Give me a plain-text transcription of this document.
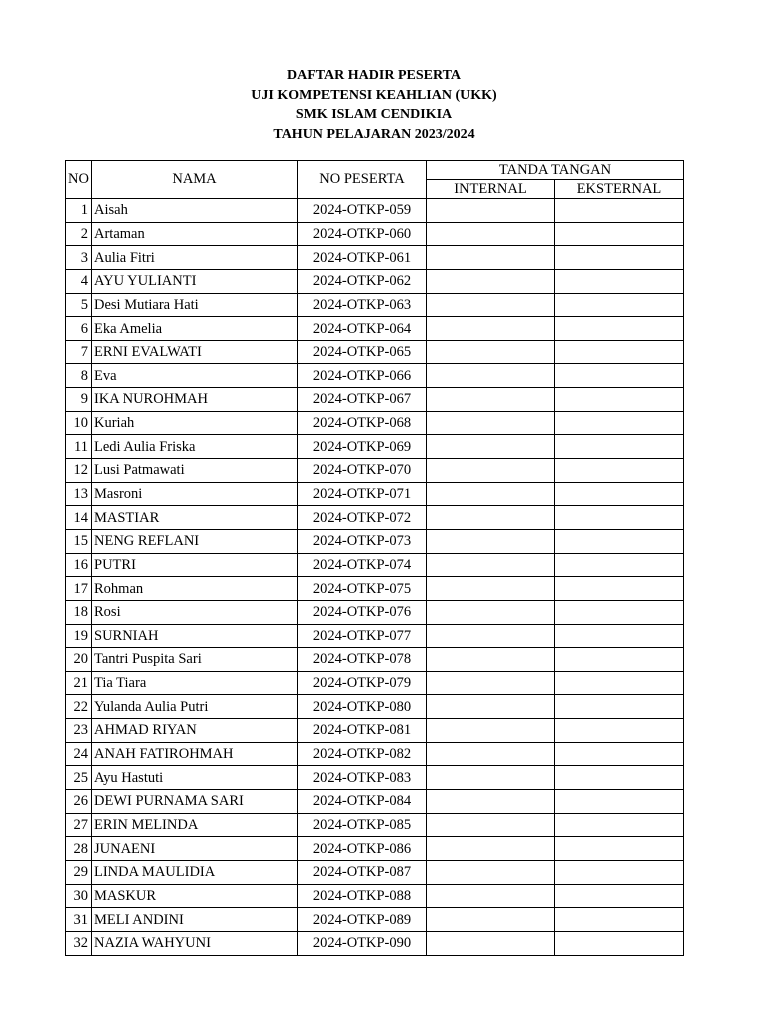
DAFTAR HADIR PESERTA
UJI KOMPETENSI KEAHLIAN (UKK)
SMK ISLAM CENDIKIA
TAHUN PELAJARAN 2023/2024
NO	NAMA	NO PESERTA	TANDA TANGAN	
			INTERNAL	EKSTERNAL
1	Aisah	2024-OTKP-059		
2	Artaman	2024-OTKP-060		
3	Aulia Fitri	2024-OTKP-061		
4	AYU YULIANTI	2024-OTKP-062		
5	Desi Mutiara Hati	2024-OTKP-063		
6	Eka Amelia	2024-OTKP-064		
7	ERNI EVALWATI	2024-OTKP-065		
8	Eva	2024-OTKP-066		
9	IKA NUROHMAH	2024-OTKP-067		
10	Kuriah	2024-OTKP-068		
11	Ledi Aulia Friska	2024-OTKP-069		
12	Lusi Patmawati	2024-OTKP-070		
13	Masroni	2024-OTKP-071		
14	MASTIAR	2024-OTKP-072		
15	NENG REFLANI	2024-OTKP-073		
16	PUTRI	2024-OTKP-074		
17	Rohman	2024-OTKP-075		
18	Rosi	2024-OTKP-076		
19	SURNIAH	2024-OTKP-077		
20	Tantri Puspita Sari	2024-OTKP-078		
21	Tia Tiara	2024-OTKP-079		
22	Yulanda Aulia Putri	2024-OTKP-080		
23	AHMAD RIYAN	2024-OTKP-081		
24	ANAH FATIROHMAH	2024-OTKP-082		
25	Ayu Hastuti	2024-OTKP-083		
26	DEWI PURNAMA SARI	2024-OTKP-084		
27	ERIN MELINDA	2024-OTKP-085		
28	JUNAENI	2024-OTKP-086		
29	LINDA MAULIDIA	2024-OTKP-087		
30	MASKUR	2024-OTKP-088		
31	MELI ANDINI	2024-OTKP-089		
32	NAZIA WAHYUNI	2024-OTKP-090		
